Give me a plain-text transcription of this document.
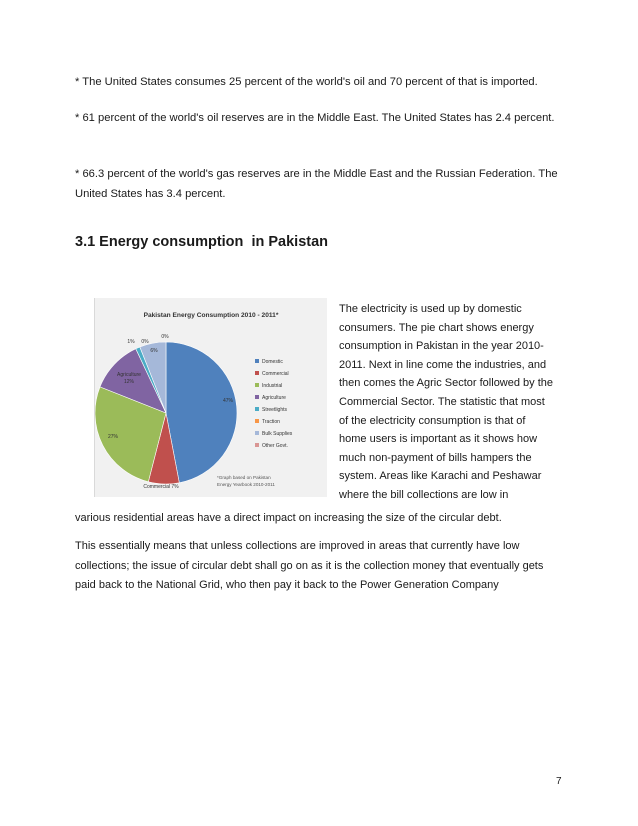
* The United States consumes 25 percent of the world's oil and 70 percent of that is imported.

* 61 percent of the world's oil reserves are in the Middle East. The United States has 2.4 percent.

* 66.3 percent of the world's gas reserves are in the Middle East and the Russian Federation. The United States has 3.4 percent.

3.1 Energy consumption  in Pakistan
Pakistan Energy Consumption 2010 - 2011*
47%
Commercial 7%
27%
Agriculture
12%
1% 0%
6%
0%
Domestic
Commercial
Industrial
Agriculture
Streetlights
Traction
Bulk Supplies
Other Govt.
*Graph based on Pakistan
Energy Yearbook 2010-2011
The electricity is used up by domestic
consumers. The pie chart shows energy
consumption in Pakistan in the year 2010-
2011. Next in line come the industries, and
then comes the Agric Sector followed by the
Commercial Sector. The statistic that most
of the electricity consumption is that of
home users is important as it shows how
much non-payment of bills hampers the
system. Areas like Karachi and Peshawar
where the bill collections are low in

various residential areas have a direct impact on increasing the size of the circular debt.

This essentially means that unless collections are improved in areas that currently have low collections; the issue of circular debt shall go on as it is the collection money that eventually gets paid back to the National Grid, who then pay it back to the Power Generation Company

7
